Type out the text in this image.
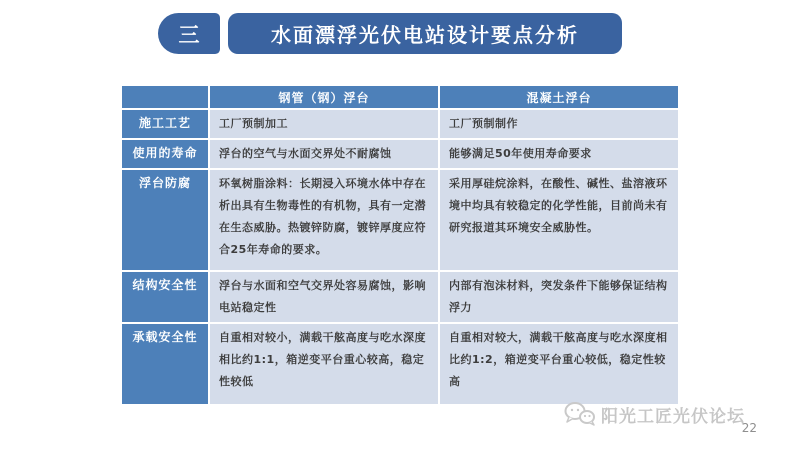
三	水面漂浮光伏电站设计要点分析
	钢管（钢）浮台	混凝土浮台
施工工艺	工厂预制加工	工厂预制制作
使用的寿命	浮台的空气与水面交界处不耐腐蚀	能够满足50年使用寿命要求
浮台防腐	环氧树脂涂料：长期浸入环境水体中存在析出具有生物毒性的有机物，具有一定潜在生态威胁。热镀锌防腐，镀锌厚度应符合25年寿命的要求。	采用厚硅烷涂料，在酸性、碱性、盐溶液环境中均具有较稳定的化学性能，目前尚未有研究报道其环境安全威胁性。
结构安全性	浮台与水面和空气交界处容易腐蚀，影响电站稳定性	内部有泡沫材料，突发条件下能够保证结构浮力
承载安全性	自重相对较小，满载干舷高度与吃水深度相比约1:1，箱逆变平台重心较高，稳定性较低	自重相对较大，满载干舷高度与吃水深度相比约1:2，箱逆变平台重心较低，稳定性较高
阳光工匠光伏论坛
22
